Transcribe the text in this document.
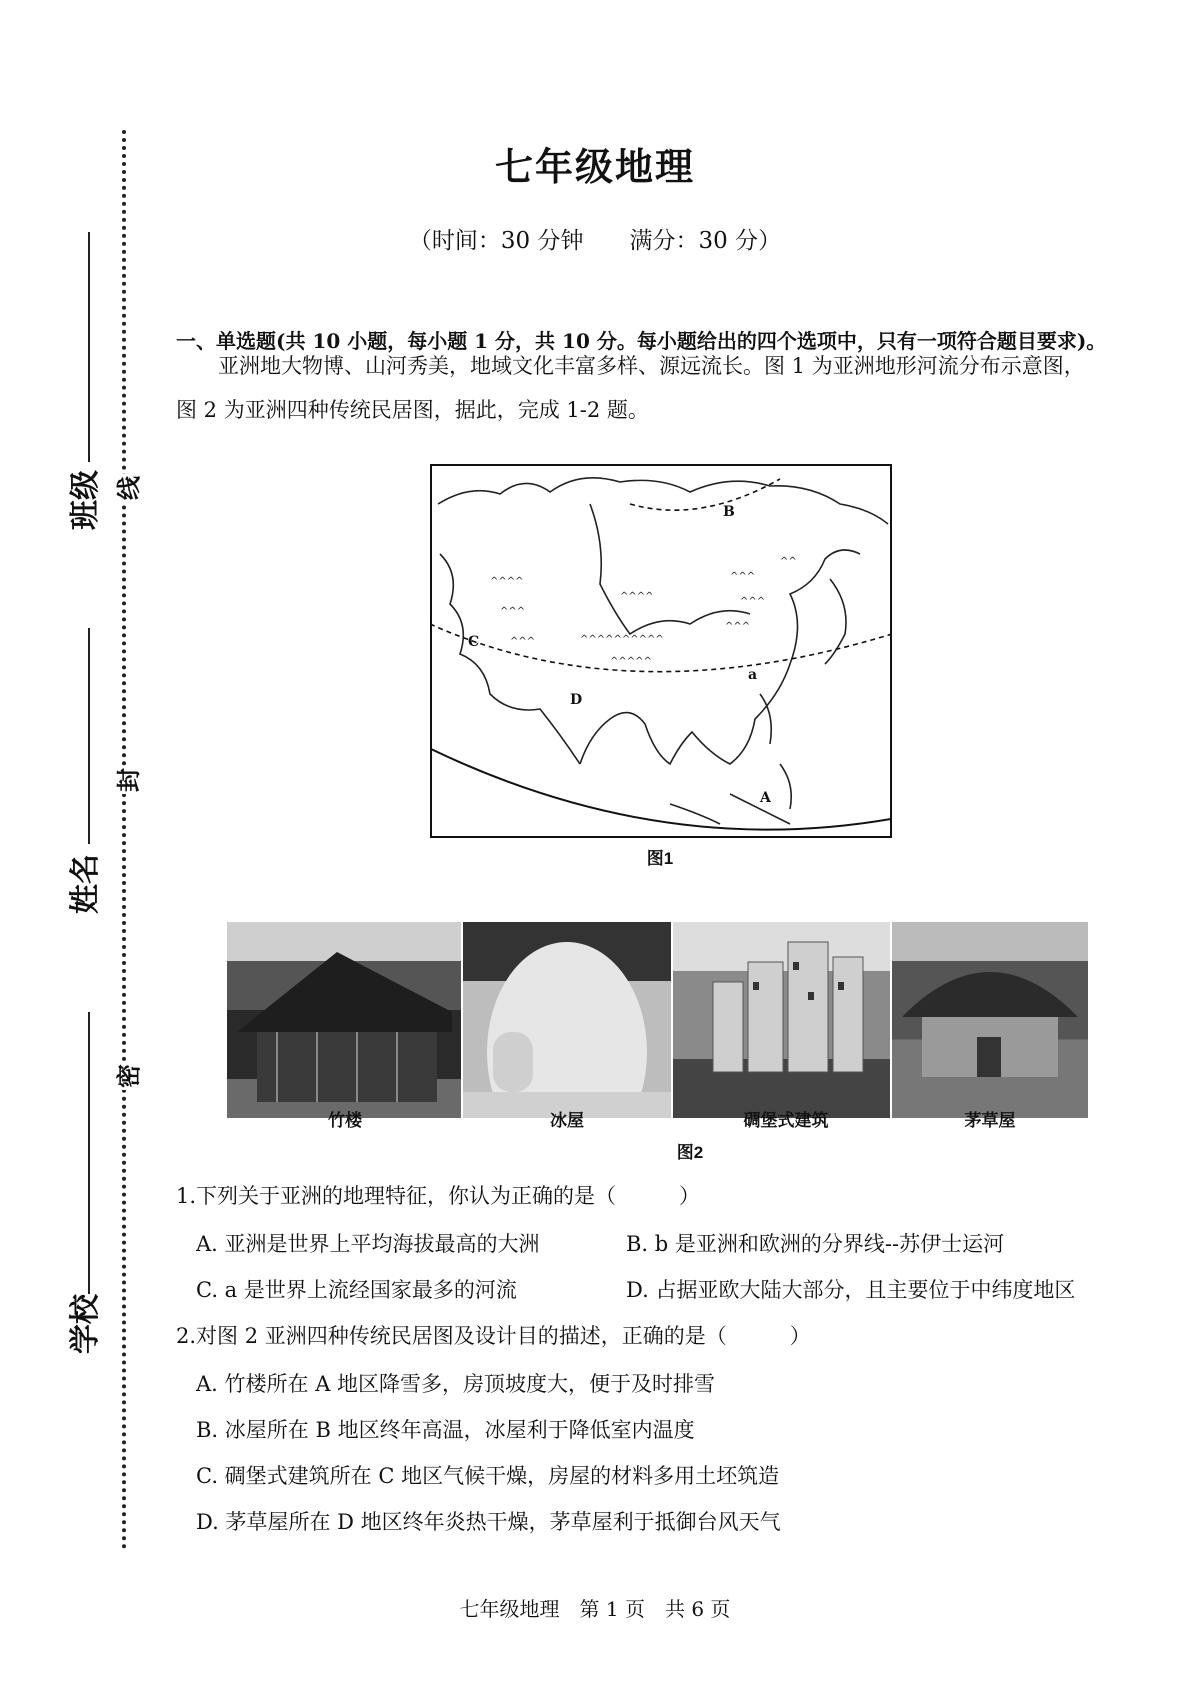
班级
姓名
学校
线
封
密
七年级地理
（时间：30 分钟　　满分：30 分）
一、单选题(共 10 小题，每小题 1 分，共 10 分。每小题给出的四个选项中，只有一项符合题目要求)。
亚洲地大物博、山河秀美，地域文化丰富多样、源远流长。图 1 为亚洲地形河流分布示意图，
图 2 为亚洲四种传统民居图，据此，完成 1-2 题。
^^^^
^^^
^^^	^^^^^^^^^^
^^^^
^^^
^^^
^^^
^^^^^
^^
B
C
D
a
A
图1
竹楼	冰屋	碉堡式建筑	茅草屋
图2
1.下列关于亚洲的地理特征，你认为正确的是（　　　）
A. 亚洲是世界上平均海拔最高的大洲	B. b 是亚洲和欧洲的分界线--苏伊士运河
C. a 是世界上流经国家最多的河流	D. 占据亚欧大陆大部分，且主要位于中纬度地区
2.对图 2 亚洲四种传统民居图及设计目的描述，正确的是（　　　）
A. 竹楼所在 A 地区降雪多，房顶坡度大，便于及时排雪
B. 冰屋所在 B 地区终年高温，冰屋利于降低室内温度
C. 碉堡式建筑所在 C 地区气候干燥，房屋的材料多用土坯筑造
D. 茅草屋所在 D 地区终年炎热干燥，茅草屋利于抵御台风天气
七年级地理　第 1 页　共 6 页
